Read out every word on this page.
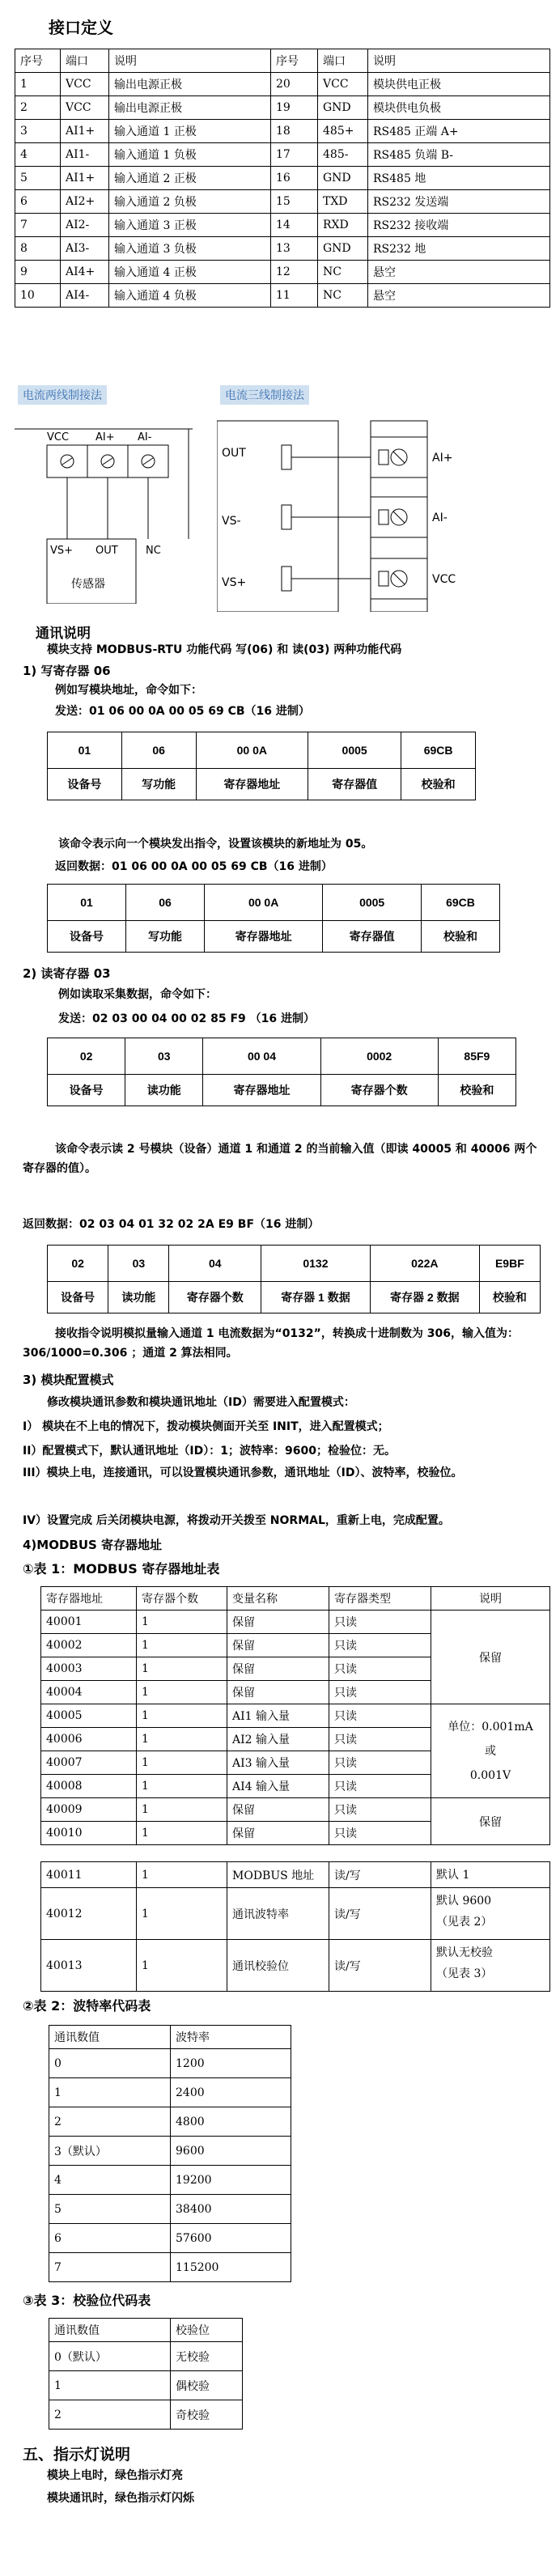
接口定义
序号	端口	说明	序号	端口	说明
1	VCC	输出电源正极	20	VCC	模块供电正极
2	VCC	输出电源正极	19	GND	模块供电负极
3	AI1+	输入通道 1 正极	18	485+	RS485 正端 A+
4	AI1-	输入通道 1 负极	17	485-	RS485 负端 B-
5	AI1+	输入通道 2 正极	16	GND	RS485 地
6	AI2+	输入通道 2 负极	15	TXD	RS232 发送端
7	AI2-	输入通道 3 正极	14	RXD	RS232 接收端
8	AI3-	输入通道 3 负极	13	GND	RS232 地
9	AI4+	输入通道 4 正极	12	NC	悬空
10	AI4-	输入通道 4 负极	11	NC	悬空
电流两线制接法	电流三线制接法
VCC	AI+ AI-
VS+ OUT	NC
传感器
OUT
VS-
VS+
AI+
AI-
VCC
通讯说明
模块支持 MODBUS-RTU 功能代码 写(06) 和 读(03) 两种功能代码
1) 写寄存器 06
例如写模块地址，命令如下：
发送：01 06 00 0A 00 05 69 CB（16 进制）
01	06	00 0A	0005	69CB
设备号	写功能	寄存器地址	寄存器值	校验和
该命令表示向一个模块发出指令，设置该模块的新地址为 05。
返回数据：01 06 00 0A 00 05 69 CB（16 进制）
01	06	00 0A	0005	69CB
设备号	写功能	寄存器地址	寄存器值	校验和
2) 读寄存器 03
例如读取采集数据，命令如下：
发送：02 03 00 04 00 02 85 F9 （16 进制）
02	03	00 04	0002	85F9
设备号	读功能	寄存器地址	寄存器个数	校验和
该命令表示读 2 号模块（设备）通道 1 和通道 2 的当前输入值（即读 40005 和 40006 两个寄存器的值）。
返回数据：02 03 04 01 32 02 2A E9 BF（16 进制）
02	03	04	0132	022A	E9BF
设备号	读功能	寄存器个数	寄存器 1 数据	寄存器 2 数据	校验和
接收指令说明模拟量输入通道 1 电流数据为“0132”，转换成十进制数为 306，输入值为：306/1000=0.306 ；通道 2 算法相同。
3) 模块配置模式
修改模块通讯参数和模块通讯地址（ID）需要进入配置模式：
I） 模块在不上电的情况下，拨动模块侧面开关至 INIT，进入配置模式；
II）配置模式下，默认通讯地址（ID）：1；波特率：9600；检验位：无。
III）模块上电，连接通讯，可以设置模块通讯参数，通讯地址（ID）、波特率，校验位。
IV）设置完成 后关闭模块电源，将拨动开关拨至 NORMAL，重新上电，完成配置。
4)MODBUS 寄存器地址
①表 1：MODBUS 寄存器地址表
寄存器地址	寄存器个数	变量名称	寄存器类型	说明
40001	1	保留	只读	保留
40002	1	保留	只读	
40003	1	保留	只读	
40004	1	保留	只读	
40005	1	AI1 输入量	只读	单位：0.001mA
或
0.001V

40006	1	AI2 输入量	只读	
40007	1	AI3 输入量	只读	
40008	1	AI4 输入量	只读	
40009	1	保留	只读	保留
40010	1	保留	只读	
40011	1	MODBUS 地址	读/写	默认 1

40012	1	通讯波特率	读/写	默认 9600
（见表 2）

40013	1	通讯校验位	读/写	默认无校验
（见表 3）
②表 2：波特率代码表
通讯数值	波特率
0	1200
1	2400
2	4800
3（默认）	9600
4	19200
5	38400
6	57600
7	115200
③表 3：校验位代码表
通讯数值	校验位
0（默认）	无校验
1	偶校验
2	奇校验
五、指示灯说明
模块上电时，绿色指示灯亮
模块通讯时，绿色指示灯闪烁
